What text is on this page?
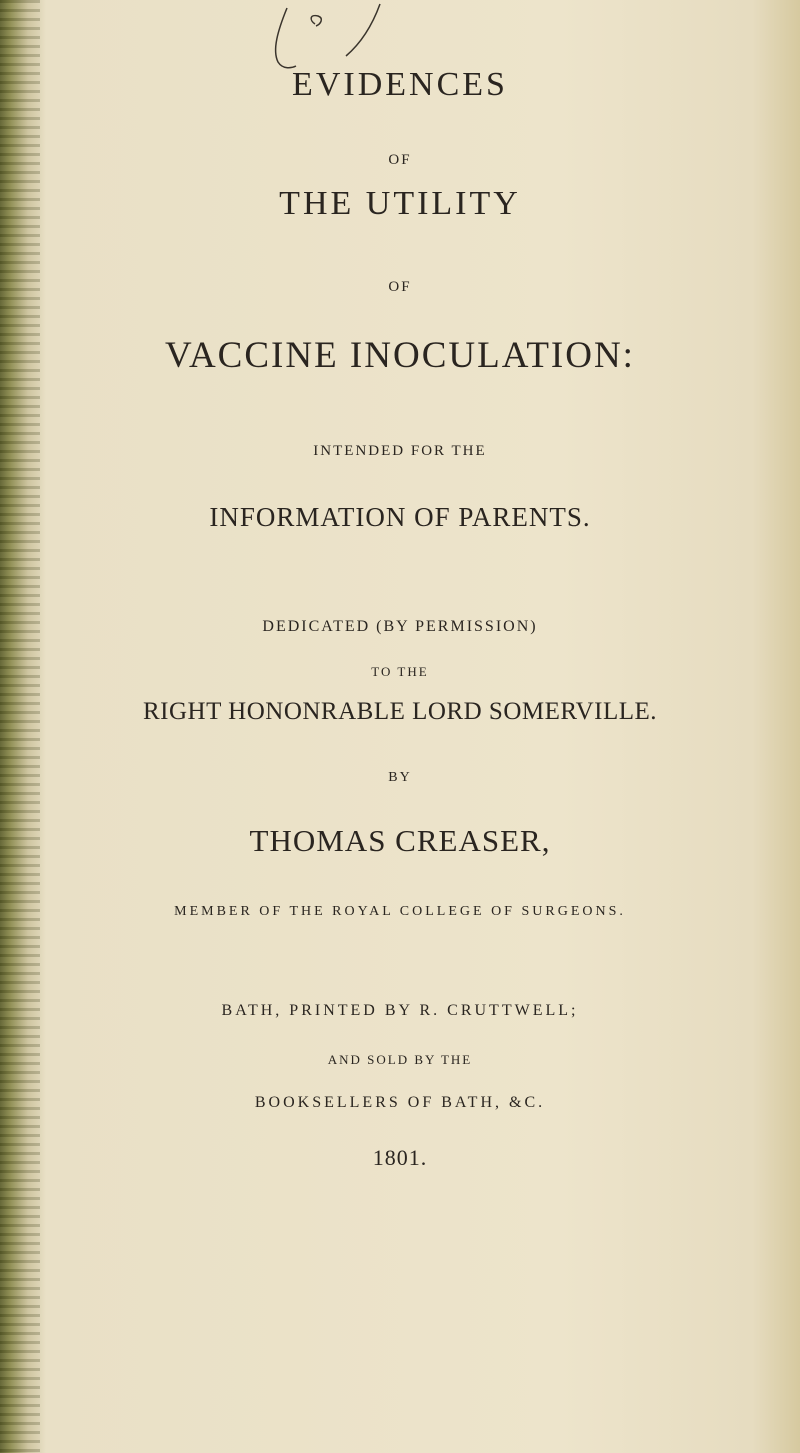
EVIDENCES
OF
THE UTILITY
OF
VACCINE INOCULATION:
INTENDED FOR THE
INFORMATION OF PARENTS.
DEDICATED (BY PERMISSION)
TO THE
RIGHT HONONRABLE LORD SOMERVILLE.
BY
THOMAS CREASER,
MEMBER OF THE ROYAL COLLEGE OF SURGEONS.
BATH, PRINTED BY R. CRUTTWELL;
AND SOLD BY THE
BOOKSELLERS OF BATH, &C.
1801.
